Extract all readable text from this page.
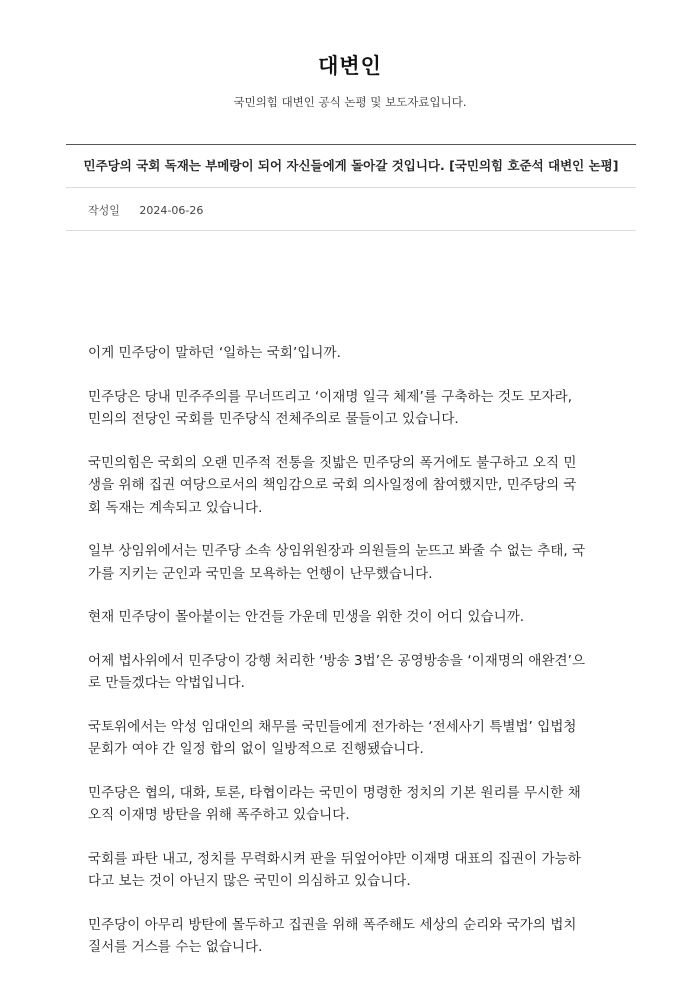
대변인
국민의힘 대변인 공식 논평 및 보도자료입니다.
민주당의 국회 독재는 부메랑이 되어 자신들에게 돌아갈 것입니다. [국민의힘 호준석 대변인 논평]
작성일 2024-06-26

이게 민주당이 말하던 ‘일하는 국회’입니까.

민주당은 당내 민주주의를 무너뜨리고 ‘이재명 일극 체제’를 구축하는 것도 모자라,
민의의 전당인 국회를 민주당식 전체주의로 물들이고 있습니다.

국민의힘은 국회의 오랜 민주적 전통을 짓밟은 민주당의 폭거에도 불구하고 오직 민
생을 위해 집권 여당으로서의 책임감으로 국회 의사일정에 참여했지만, 민주당의 국
회 독재는 계속되고 있습니다.

일부 상임위에서는 민주당 소속 상임위원장과 의원들의 눈뜨고 봐줄 수 없는 추태, 국
가를 지키는 군인과 국민을 모욕하는 언행이 난무했습니다.

현재 민주당이 몰아붙이는 안건들 가운데 민생을 위한 것이 어디 있습니까.

어제 법사위에서 민주당이 강행 처리한 ‘방송 3법’은 공영방송을 ‘이재명의 애완견’으
로 만들겠다는 악법입니다.

국토위에서는 악성 임대인의 채무를 국민들에게 전가하는 ‘전세사기 특별법’ 입법청
문회가 여야 간 일정 합의 없이 일방적으로 진행됐습니다.

민주당은 협의, 대화, 토론, 타협이라는 국민이 명령한 정치의 기본 원리를 무시한 채
오직 이재명 방탄을 위해 폭주하고 있습니다.

국회를 파탄 내고, 정치를 무력화시켜 판을 뒤엎어야만 이재명 대표의 집권이 가능하
다고 보는 것이 아닌지 많은 국민이 의심하고 있습니다.

민주당이 아무리 방탄에 몰두하고 집권을 위해 폭주해도 세상의 순리와 국가의 법치
질서를 거스를 수는 없습니다.
